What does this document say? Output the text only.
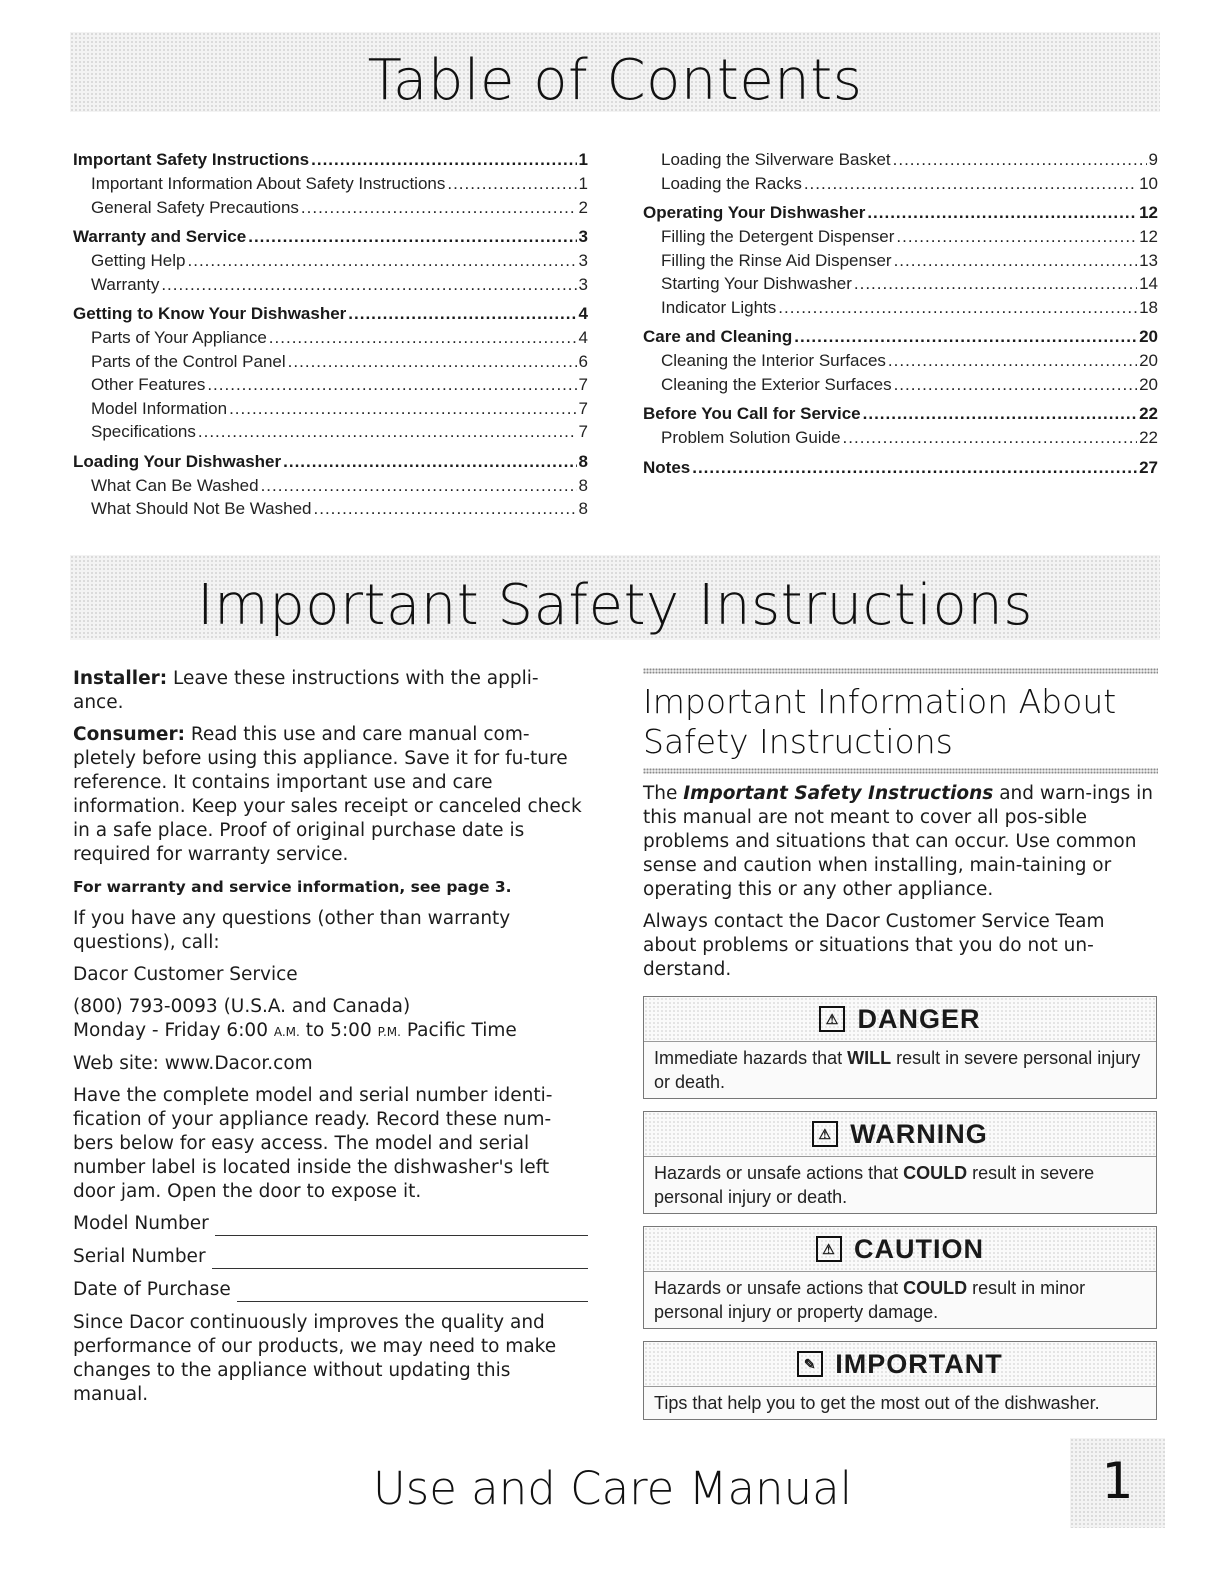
Table of Contents
Important Safety Instructions .....	1
Important Information About Safety Instructions .....	1
General Safety Precautions .....	2
Warranty and Service .....	3
Getting Help .....	3
Warranty .....	3
Getting to Know Your Dishwasher .....	4
Parts of Your Appliance .....	4
Parts of the Control Panel .....	6
Other Features .....	7
Model Information .....	7
Specifications .....	7
Loading Your Dishwasher .....	8
What Can Be Washed .....	8
What Should Not Be Washed .....	8
Loading the Silverware Basket .....	9
Loading the Racks .....	10
Operating Your Dishwasher .....	12
Filling the Detergent Dispenser .....	12
Filling the Rinse Aid Dispenser .....	13
Starting Your Dishwasher .....	14
Indicator Lights .....	18
Care and Cleaning .....	20
Cleaning the Interior Surfaces .....	20
Cleaning the Exterior Surfaces .....	20
Before You Call for Service .....	22
Problem Solution Guide .....	22
Notes .....	27
Important Safety Instructions

Installer: Leave these instructions with the appli-ance.

Consumer: Read this use and care manual com-pletely before using this appliance. Save it for fu-ture reference. It contains important use and care information. Keep your sales receipt or canceled check in a safe place. Proof of original purchase date is required for warranty service.

For warranty and service information, see page 3.

If you have any questions (other than warranty questions), call:

Dacor Customer Service

(800) 793-0093 (U.S.A. and Canada)

Monday - Friday 6:00 A.M. to 5:00 P.M. Pacific Time

Web site: www.Dacor.com

Have the complete model and serial number identi-fication of your appliance ready. Record these num-bers below for easy access. The model and serial number label is located inside the dishwasher's left door jam. Open the door to expose it.

Model Number
Serial Number
Date of Purchase

Since Dacor continuously improves the quality and performance of our products, we may need to make changes to the appliance without updating this manual.

Important Information About
Safety Instructions

The Important Safety Instructions and warn-ings in this manual are not meant to cover all pos-sible problems and situations that can occur. Use common sense and caution when installing, main-taining or operating this or any other appliance.

Always contact the Dacor Customer Service Team about problems or situations that you do not un-derstand.

⚠ DANGER
Immediate hazards that WILL result in severe personal injury or death.
⚠ WARNING
Hazards or unsafe actions that COULD result in severe personal injury or death.
⚠ CAUTION
Hazards or unsafe actions that COULD result in minor personal injury or property damage.
✎ IMPORTANT
Tips that help you to get the most out of the dishwasher.
Use and Care Manual	1
